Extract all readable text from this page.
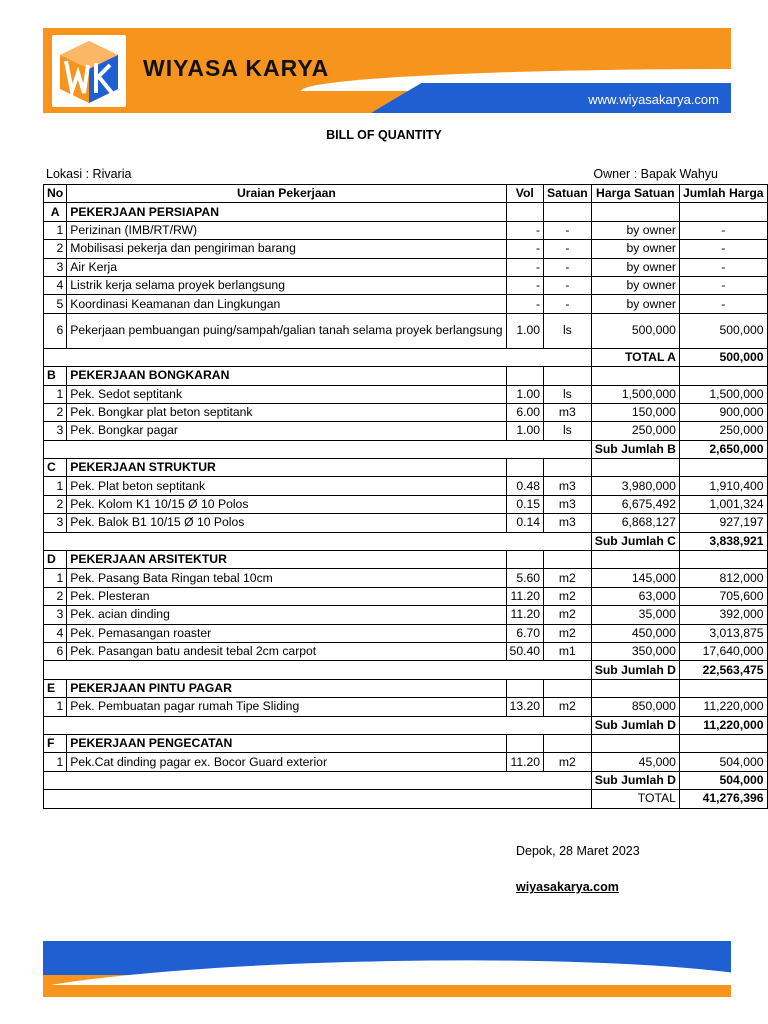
WIYASA KARYA
www.wiyasakarya.com
BILL OF QUANTITY
Lokasi : Rivaria	Owner : Bapak Wahyu
No	Uraian Pekerjaan	Vol	Satuan	Harga Satuan	Jumlah Harga
A	PEKERJAAN PERSIAPAN				
1	Perizinan (IMB/RT/RW)	-	-	by owner	-
2	Mobilisasi pekerja dan pengiriman barang	-	-	by owner	-
3	Air Kerja	-	-	by owner	-
4	Listrik kerja selama proyek berlangsung	-	-	by owner	-
5	Koordinasi Keamanan dan Lingkungan	-	-	by owner	-
6	Pekerjaan pembuangan puing/sampah/galian tanah selama proyek berlangsung	1.00	ls	500,000	500,000
				TOTAL A	500,000
B	PEKERJAAN BONGKARAN				
1	Pek. Sedot septitank	1.00	ls	1,500,000	1,500,000
2	Pek. Bongkar plat beton septitank	6.00	m3	150,000	900,000
3	Pek. Bongkar pagar	1.00	ls	250,000	250,000
				Sub Jumlah B	2,650,000
C	PEKERJAAN STRUKTUR				
1	Pek. Plat beton septitank	0.48	m3	3,980,000	1,910,400
2	Pek. Kolom K1 10/15 Ø 10 Polos	0.15	m3	6,675,492	1,001,324
3	Pek. Balok B1 10/15 Ø 10 Polos	0.14	m3	6,868,127	927,197
				Sub Jumlah C	3,838,921
D	PEKERJAAN ARSITEKTUR				
1	Pek. Pasang Bata Ringan tebal 10cm	5.60	m2	145,000	812,000
2	Pek. Plesteran	11.20	m2	63,000	705,600
3	Pek. acian dinding	11.20	m2	35,000	392,000
4	Pek. Pemasangan roaster	6.70	m2	450,000	3,013,875
6	Pek. Pasangan batu andesit tebal 2cm carpot	50.40	m1	350,000	17,640,000
				Sub Jumlah D	22,563,475
E	PEKERJAAN PINTU PAGAR				
1	Pek. Pembuatan pagar rumah Tipe Sliding	13.20	m2	850,000	11,220,000
				Sub Jumlah D	11,220,000
F	PEKERJAAN PENGECATAN				
1	Pek.Cat dinding pagar ex. Bocor Guard exterior	11.20	m2	45,000	504,000
				Sub Jumlah D	504,000
				TOTAL	41,276,396
Depok, 28 Maret 2023
wiyasakarya.com
